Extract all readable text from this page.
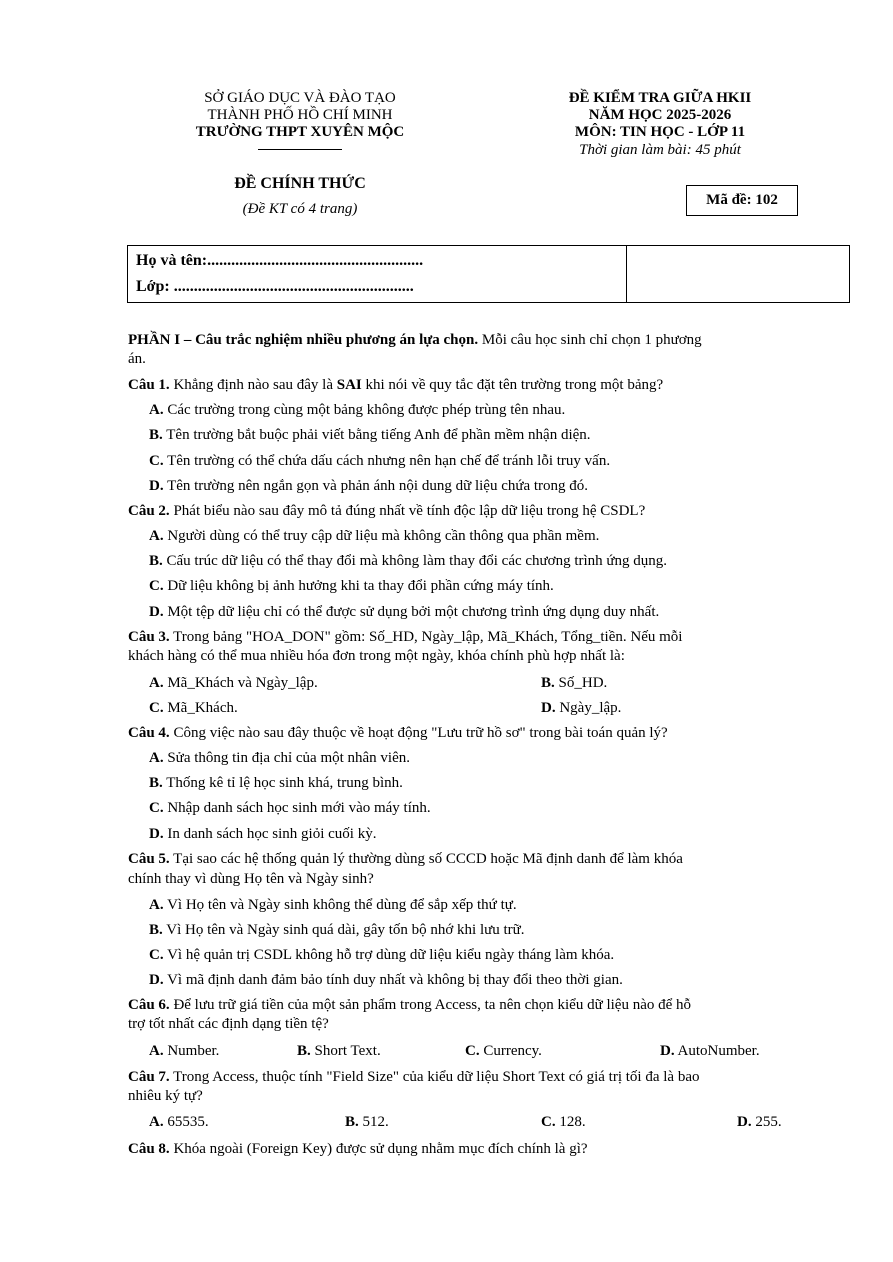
SỞ GIÁO DỤC VÀ ĐÀO TẠO
THÀNH PHỐ HỒ CHÍ MINH
TRƯỜNG THPT XUYÊN MỘC
ĐỀ CHÍNH THỨC
(Đề KT có 4 trang)
ĐỀ KIỂM TRA GIỮA HKII
NĂM HỌC 2025-2026
MÔN: TIN HỌC - LỚP 11
Thời gian làm bài: 45 phút
Mã đề: 102
Họ và tên:......................................................
Lớp: ............................................................
PHẦN I – Câu trắc nghiệm nhiều phương án lựa chọn. Mỗi câu học sinh chỉ chọn 1 phương
án.
Câu 1. Khẳng định nào sau đây là SAI khi nói về quy tắc đặt tên trường trong một bảng?
A. Các trường trong cùng một bảng không được phép trùng tên nhau.
B. Tên trường bắt buộc phải viết bằng tiếng Anh để phần mềm nhận diện.
C. Tên trường có thể chứa dấu cách nhưng nên hạn chế để tránh lỗi truy vấn.
D. Tên trường nên ngắn gọn và phản ánh nội dung dữ liệu chứa trong đó.
Câu 2. Phát biểu nào sau đây mô tả đúng nhất về tính độc lập dữ liệu trong hệ CSDL?
A. Người dùng có thể truy cập dữ liệu mà không cần thông qua phần mềm.
B. Cấu trúc dữ liệu có thể thay đổi mà không làm thay đổi các chương trình ứng dụng.
C. Dữ liệu không bị ảnh hưởng khi ta thay đổi phần cứng máy tính.
D. Một tệp dữ liệu chỉ có thể được sử dụng bởi một chương trình ứng dụng duy nhất.
Câu 3. Trong bảng "HOA_DON" gồm: Số_HD, Ngày_lập, Mã_Khách, Tổng_tiền. Nếu mỗi
khách hàng có thể mua nhiều hóa đơn trong một ngày, khóa chính phù hợp nhất là:
A. Mã_Khách và Ngày_lập.	B. Số_HD.
C. Mã_Khách.	D. Ngày_lập.
Câu 4. Công việc nào sau đây thuộc về hoạt động "Lưu trữ hồ sơ" trong bài toán quản lý?
A. Sửa thông tin địa chỉ của một nhân viên.
B. Thống kê tỉ lệ học sinh khá, trung bình.
C. Nhập danh sách học sinh mới vào máy tính.
D. In danh sách học sinh giỏi cuối kỳ.
Câu 5. Tại sao các hệ thống quản lý thường dùng số CCCD hoặc Mã định danh để làm khóa
chính thay vì dùng Họ tên và Ngày sinh?
A. Vì Họ tên và Ngày sinh không thể dùng để sắp xếp thứ tự.
B. Vì Họ tên và Ngày sinh quá dài, gây tốn bộ nhớ khi lưu trữ.
C. Vì hệ quản trị CSDL không hỗ trợ dùng dữ liệu kiểu ngày tháng làm khóa.
D. Vì mã định danh đảm bảo tính duy nhất và không bị thay đổi theo thời gian.
Câu 6. Để lưu trữ giá tiền của một sản phẩm trong Access, ta nên chọn kiểu dữ liệu nào để hỗ
trợ tốt nhất các định dạng tiền tệ?
A. Number.	B. Short Text.	C. Currency.	D. AutoNumber.
Câu 7. Trong Access, thuộc tính "Field Size" của kiểu dữ liệu Short Text có giá trị tối đa là bao
nhiêu ký tự?
A. 65535.	B. 512.	C. 128.	D. 255.
Câu 8. Khóa ngoài (Foreign Key) được sử dụng nhằm mục đích chính là gì?
